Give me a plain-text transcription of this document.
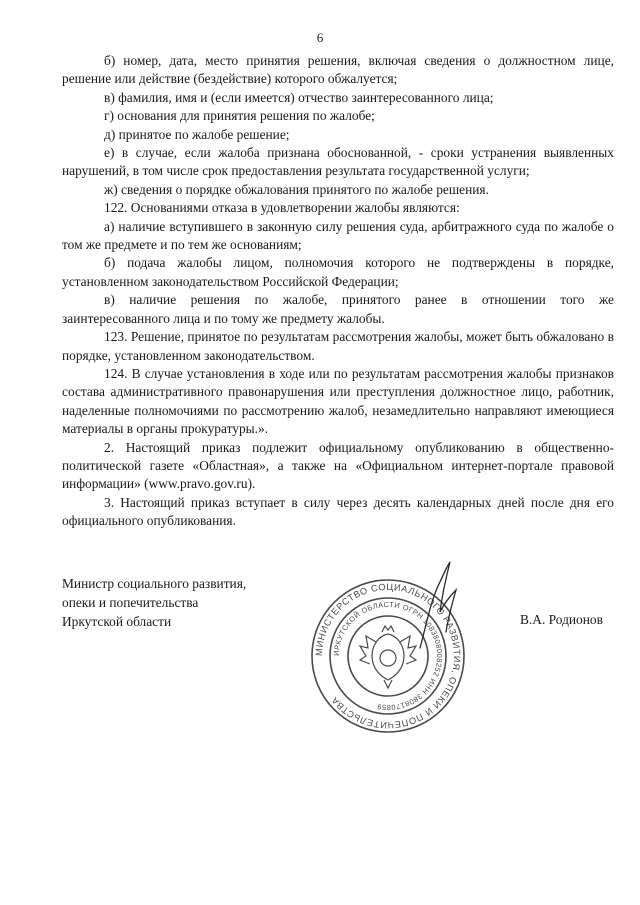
6

б) номер, дата, место принятия решения, включая сведения о должностном лице, решение или действие (бездействие) которого обжалуется;

в) фамилия, имя и (если имеется) отчество заинтересованного лица;

г) основания для принятия решения по жалобе;

д) принятое по жалобе решение;

е) в случае, если жалоба признана обоснованной, - сроки устранения выявленных нарушений, в том числе срок предоставления результата государственной услуги;

ж) сведения о порядке обжалования принятого по жалобе решения.

122. Основаниями отказа в удовлетворении жалобы являются:

а) наличие вступившего в законную силу решения суда, арбитражного суда по жалобе о том же предмете и по тем же основаниям;

б) подача жалобы лицом, полномочия которого не подтверждены в порядке, установленном законодательством Российской Федерации;

в) наличие решения по жалобе, принятого ранее в отношении того же заинтересованного лица и по тому же предмету жалобы.

123. Решение, принятое по результатам рассмотрения жалобы, может быть обжаловано в порядке, установленном законодательством.

124. В случае установления в ходе или по результатам рассмотрения жалобы признаков состава административного правонарушения или преступления должностное лицо, работник, наделенные полномочиями по рассмотрению жалоб, незамедлительно направляют имеющиеся материалы в органы прокуратуры.».

2. Настоящий приказ подлежит официальному опубликованию в общественно-политической газете «Областная», а также на «Официальном интернет-портале правовой информации» (www.pravo.gov.ru).

3. Настоящий приказ вступает в силу через десять календарных дней после дня его официального опубликования.

Министр социального развития,
опеки и попечительства
Иркутской области
МИНИСТЕРСТВО СОЦИАЛЬНОГО РАЗВИТИЯ, ОПЕКИ И ПОПЕЧИТЕЛЬСТВА
ИРКУТСКОЙ ОБЛАСТИ ОГРН 1083808008252 ИНН 3808170859
В.А. Родионов
